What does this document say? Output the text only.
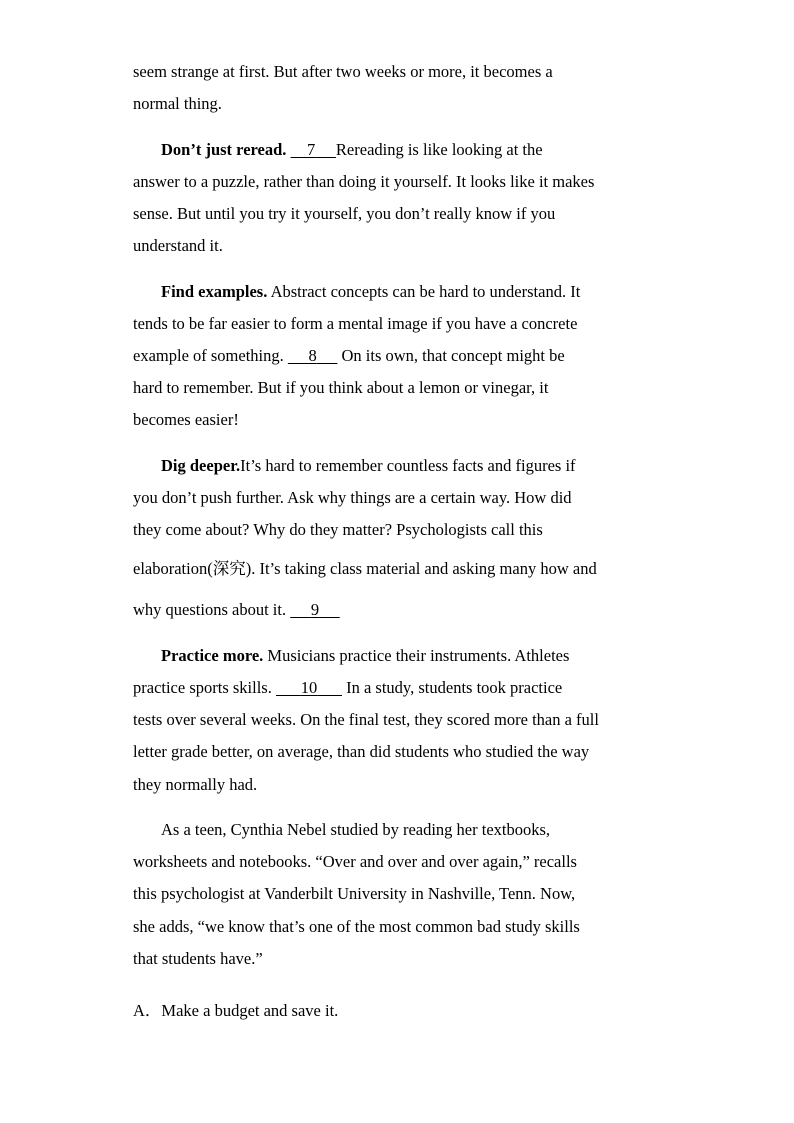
seem strange at first. But after two weeks or more, it becomes a
normal thing.
Don’t just reread. 7 Rereading is like looking at the
answer to a puzzle, rather than doing it yourself. It looks like it makes
sense. But until you try it yourself, you don’t really know if you
understand it.
Find examples. Abstract concepts can be hard to understand. It
tends to be far easier to form a mental image if you have a concrete
example of something. 8 On its own, that concept might be
hard to remember. But if you think about a lemon or vinegar, it
becomes easier!
Dig deeper.It’s hard to remember countless facts and figures if
you don’t push further. Ask why things are a certain way. How did
they come about? Why do they matter? Psychologists call this
elaboration(深究). It’s taking class material and asking many how and
why questions about it. 9
Practice more. Musicians practice their instruments. Athletes
practice sports skills. 10 In a study, students took practice
tests over several weeks. On the final test, they scored more than a full
letter grade better, on average, than did students who studied the way
they normally had.
As a teen, Cynthia Nebel studied by reading her textbooks,
worksheets and notebooks. “Over and over and over again,” recalls
this psychologist at Vanderbilt University in Nashville, Tenn. Now,
she adds, “we know that’s one of the most common bad study skills
that students have.”
A．Make a budget and save it.
